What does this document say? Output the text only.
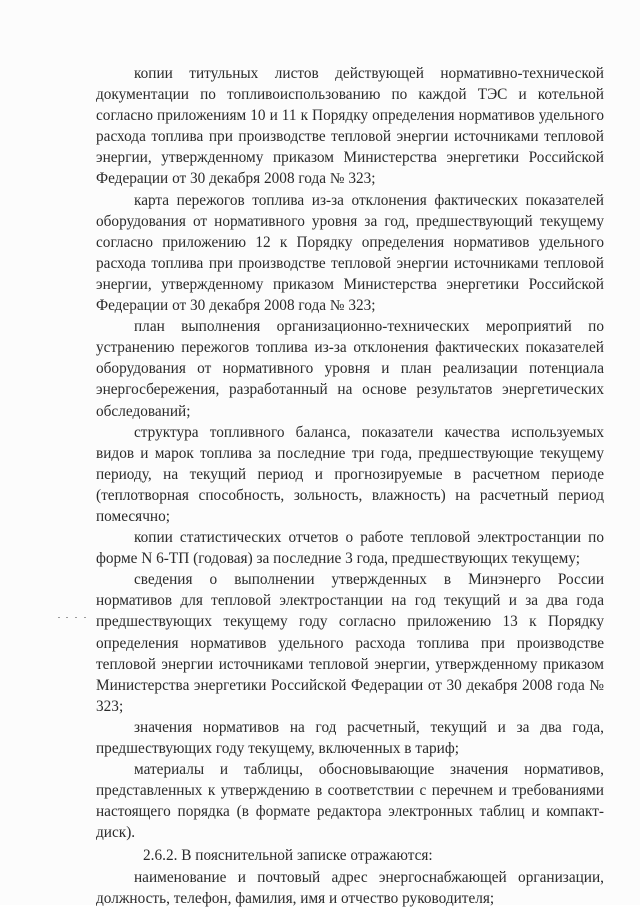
копии титульных листов действующей нормативно-технической документации по топливоиспользованию по каждой ТЭС и котельной согласно приложениям 10 и 11 к Порядку определения нормативов удельного расхода топлива при производстве тепловой энергии источниками тепловой энергии, утвержденному приказом Министерства энергетики Российской Федерации от 30 декабря 2008 года № 323;

карта пережогов топлива из-за отклонения фактических показателей оборудования от нормативного уровня за год, предшествующий текущему согласно приложению 12 к Порядку определения нормативов удельного расхода топлива при производстве тепловой энергии источниками тепловой энергии, утвержденному приказом Министерства энергетики Российской Федерации от 30 декабря 2008 года № 323;

план выполнения организационно-технических мероприятий по устранению пережогов топлива из-за отклонения фактических показателей оборудования от нормативного уровня и план реализации потенциала энергосбережения, разработанный на основе результатов энергетических обследований;

структура топливного баланса, показатели качества используемых видов и марок топлива за последние три года, предшествующие текущему периоду, на текущий период и прогнозируемые в расчетном периоде (теплотворная способность, зольность, влажность) на расчетный период помесячно;

копии статистических отчетов о работе тепловой электростанции по форме N 6-ТП (годовая) за последние 3 года, предшествующих текущему;

сведения о выполнении утвержденных в Минэнерго России нормативов для тепловой электростанции на год текущий и за два года предшествующих текущему году согласно приложению 13 к Порядку определения нормативов удельного расхода топлива при производстве тепловой энергии источниками тепловой энергии, утвержденному приказом Министерства энергетики Российской Федерации от 30 декабря 2008 года № 323;

значения нормативов на год расчетный, текущий и за два года, предшествующих году текущему, включенных в тариф;

материалы и таблицы, обосновывающие значения нормативов, представленных к утверждению в соответствии с перечнем и требованиями настоящего порядка (в формате редактора электронных таблиц и компакт-диск).

2.6.2. В пояснительной записке отражаются:

наименование и почтовый адрес энергоснабжающей организации, должность, телефон, фамилия, имя и отчество руководителя;
